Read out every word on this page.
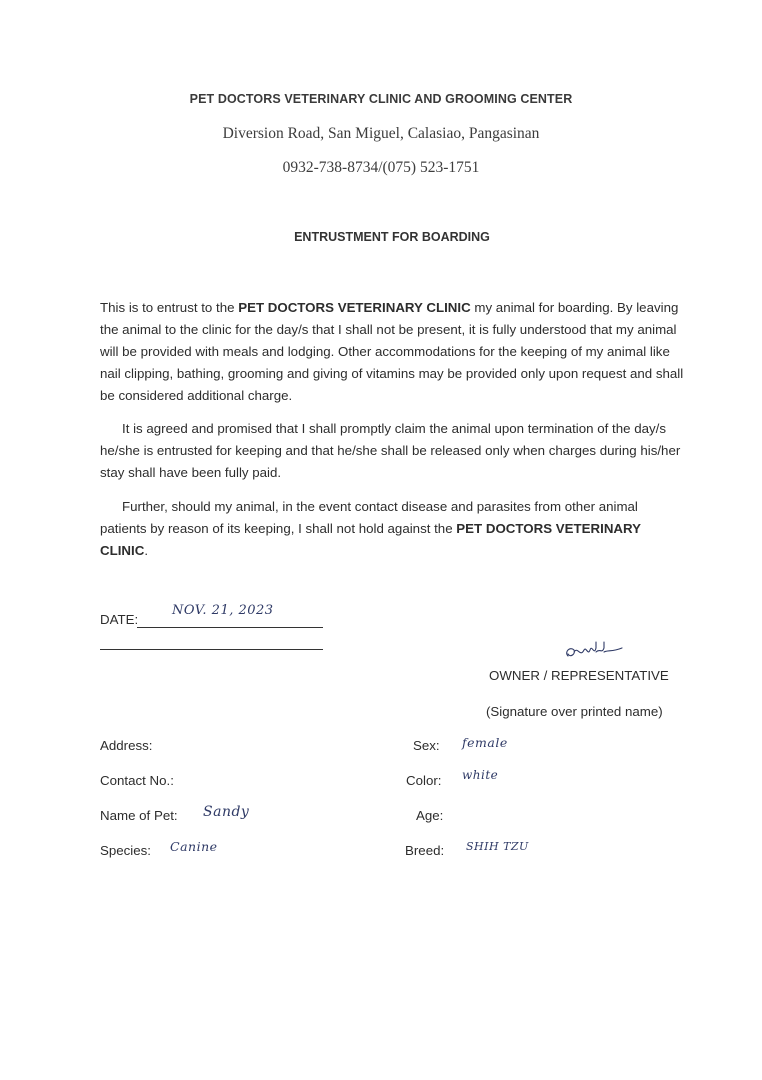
PET DOCTORS VETERINARY CLINIC AND GROOMING CENTER
Diversion Road, San Miguel, Calasiao, Pangasinan
0932-738-8734/(075) 523-1751
ENTRUSTMENT FOR BOARDING

This is to entrust to the PET DOCTORS VETERINARY CLINIC my animal for boarding. By leaving the animal to the clinic for the day/s that I shall not be present, it is fully understood that my animal will be provided with meals and lodging. Other accommodations for the keeping of my animal like nail clipping, bathing, grooming and giving of vitamins may be provided only upon request and shall be considered additional charge.

It is agreed and promised that I shall promptly claim the animal upon termination of the day/s he/she is entrusted for keeping and that he/she shall be released only when charges during his/her stay shall have been fully paid.

Further, should my animal, in the event contact disease and parasites from other animal patients by reason of its keeping, I shall not hold against the PET DOCTORS VETERINARY CLINIC.

DATE:
NOV. 21, 2023
OWNER / REPRESENTATIVE
(Signature over printed name)
Address:
Contact No.:
Name of Pet: Sandy
Species: Canine
Sex: female
Color: white
Age:
Breed: SHIH TZU
